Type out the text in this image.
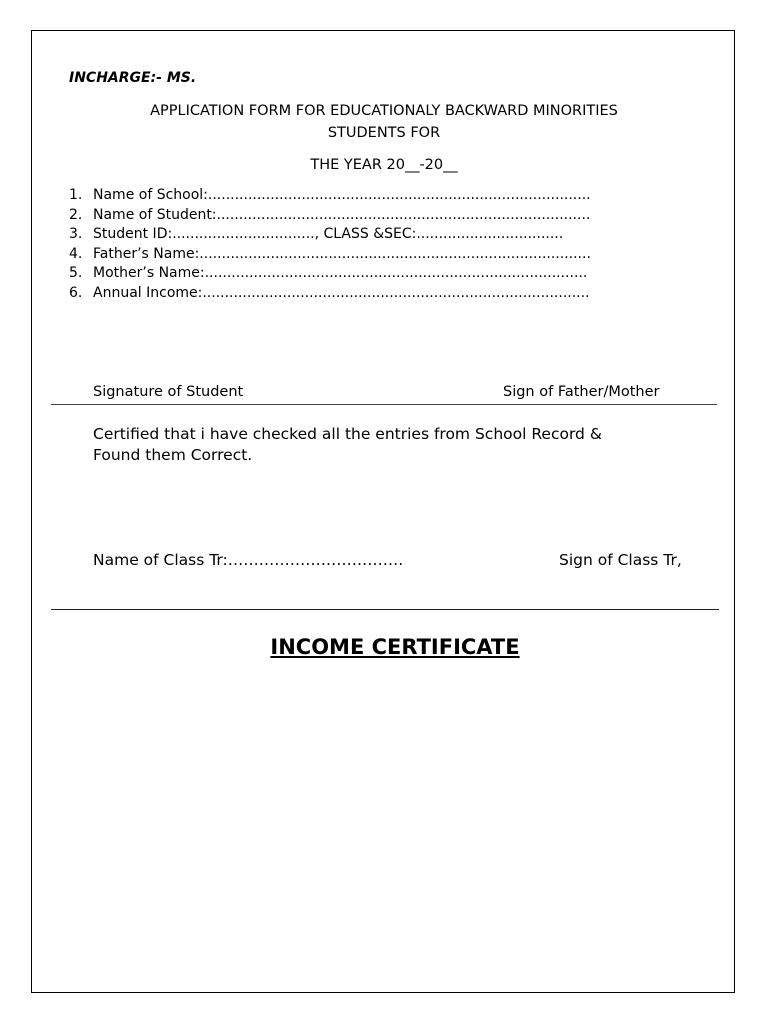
INCHARGE:- MS.
APPLICATION FORM FOR EDUCATIONALY BACKWARD MINORITIES
STUDENTS FOR
THE YEAR 20__-20__
1. Name of School:......................................................................................
2. Name of Student:....................................................................................
3. Student ID:................................, CLASS &SEC:.................................
4. Father’s Name:........................................................................................
5. Mother’s Name:......................................................................................
6. Annual Income:.......................................................................................
Signature of Student	Sign of Father/Mother
Certified that i have checked all the entries from School Record &
Found them Correct.
Name of Class Tr:…………………………….	Sign of Class Tr,
INCOME CERTIFICATE
